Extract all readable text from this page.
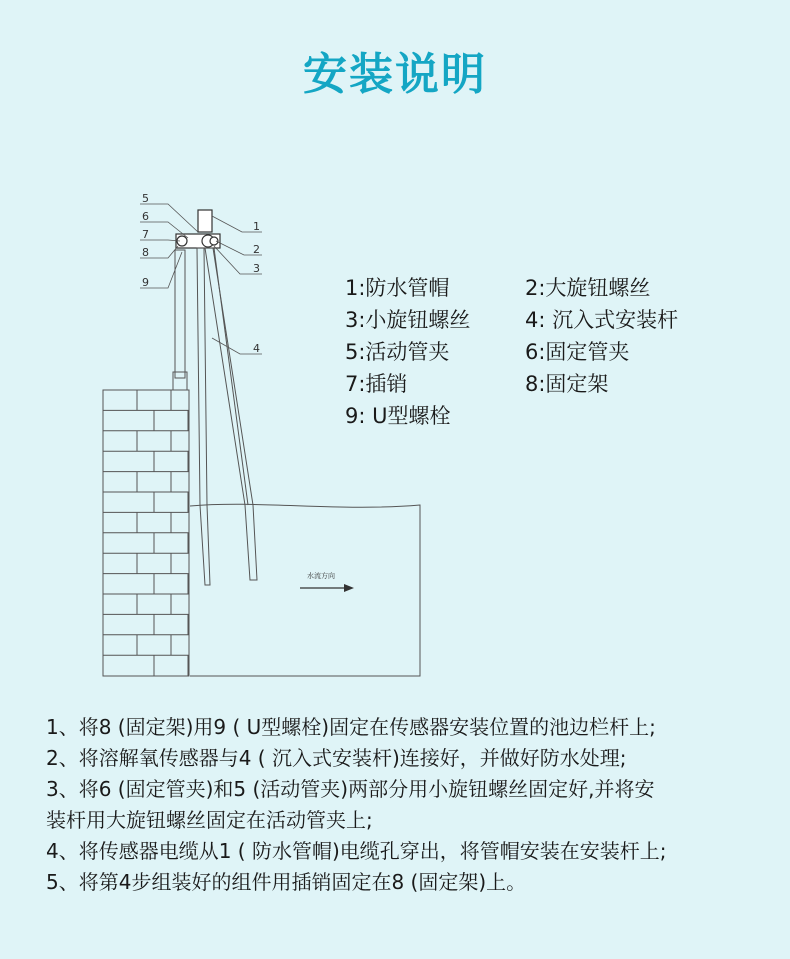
安装说明
5
6
7
8
9
1
2
3
4
水流方向
1:防水管帽	2:大旋钮螺丝
3:小旋钮螺丝	4: 沉入式安装杆
5:活动管夹	6:固定管夹
7:插销	8:固定架
9: U型螺栓
1、将8 (固定架)用9 ( U型螺栓)固定在传感器安装位置的池边栏杆上;
2、将溶解氧传感器与4 ( 沉入式安装杆)连接好，并做好防水处理;
3、将6 (固定管夹)和5 (活动管夹)两部分用小旋钮螺丝固定好,并将安
装杆用大旋钮螺丝固定在活动管夹上;
4、将传感器电缆从1 ( 防水管帽)电缆孔穿出，将管帽安装在安装杆上;
5、将第4步组装好的组件用插销固定在8 (固定架)上。
